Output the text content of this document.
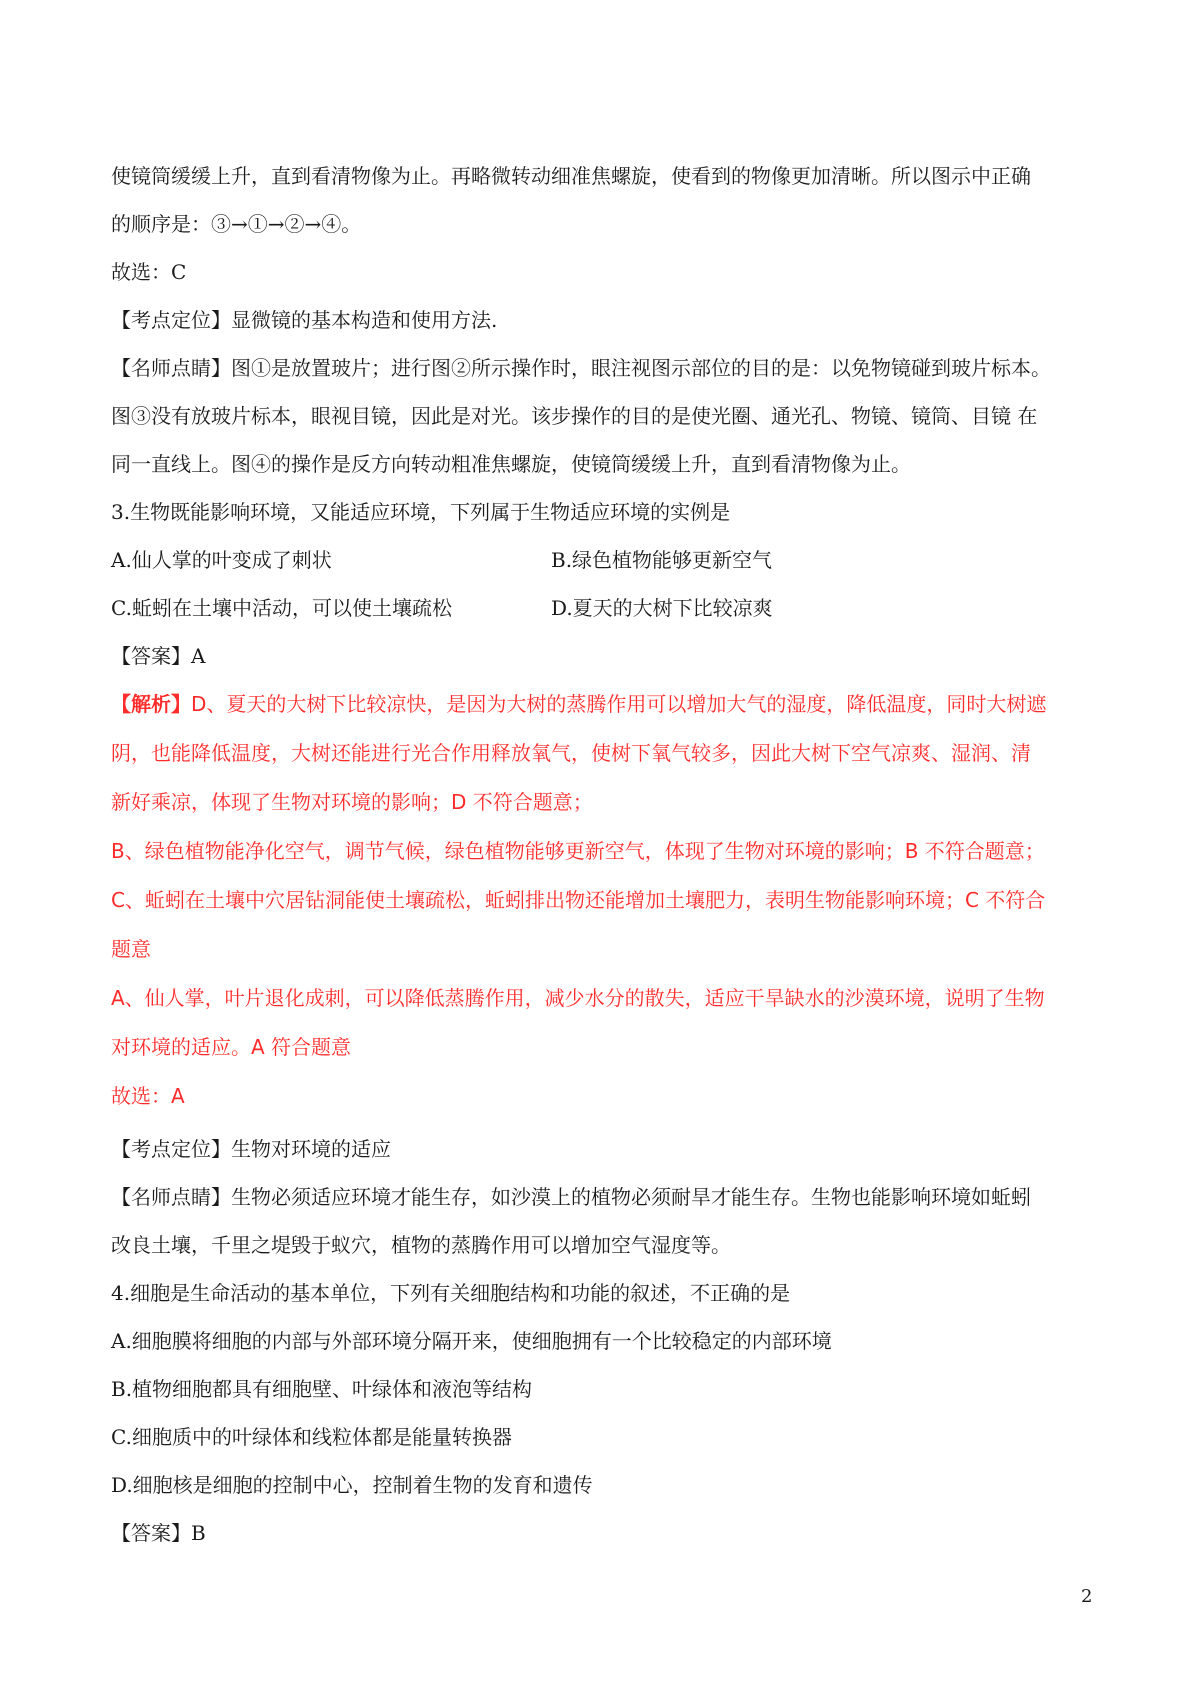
使镜筒缓缓上升，直到看清物像为止。再略微转动细准焦螺旋，使看到的物像更加清晰。所以图示中正确

的顺序是：③→①→②→④。

故选：C

【考点定位】显微镜的基本构造和使用方法.

【名师点睛】图①是放置玻片；进行图②所示操作时，眼注视图示部位的目的是：以免物镜碰到玻片标本。

图③没有放玻片标本，眼视目镜，因此是对光。该步操作的目的是使光圈、通光孔、物镜、镜筒、目镜 在

同一直线上。图④的操作是反方向转动粗准焦螺旋，使镜筒缓缓上升，直到看清物像为止。

3.生物既能影响环境，又能适应环境，下列属于生物适应环境的实例是

A.仙人掌的叶变成了刺状	B.绿色植物能够更新空气

C.蚯蚓在土壤中活动，可以使土壤疏松	D.夏天的大树下比较凉爽

【答案】A

【解析】D、夏天的大树下比较凉快，是因为大树的蒸腾作用可以增加大气的湿度，降低温度，同时大树遮

阴，也能降低温度，大树还能进行光合作用释放氧气，使树下氧气较多，因此大树下空气凉爽、湿润、清

新好乘凉，体现了生物对环境的影响；D 不符合题意；

B、绿色植物能净化空气，调节气候，绿色植物能够更新空气，体现了生物对环境的影响；B 不符合题意；

C、蚯蚓在土壤中穴居钻洞能使土壤疏松，蚯蚓排出物还能增加土壤肥力，表明生物能影响环境；C 不符合

题意

A、仙人掌，叶片退化成刺，可以降低蒸腾作用，减少水分的散失，适应干旱缺水的沙漠环境，说明了生物

对环境的适应。A 符合题意

故选：A

【考点定位】生物对环境的适应

【名师点睛】生物必须适应环境才能生存，如沙漠上的植物必须耐旱才能生存。生物也能影响环境如蚯蚓

改良土壤，千里之堤毁于蚁穴，植物的蒸腾作用可以增加空气湿度等。

4.细胞是生命活动的基本单位，下列有关细胞结构和功能的叙述，不正确的是

A.细胞膜将细胞的内部与外部环境分隔开来，使细胞拥有一个比较稳定的内部环境

B.植物细胞都具有细胞壁、叶绿体和液泡等结构

C.细胞质中的叶绿体和线粒体都是能量转换器

D.细胞核是细胞的控制中心，控制着生物的发育和遗传

【答案】B

2
